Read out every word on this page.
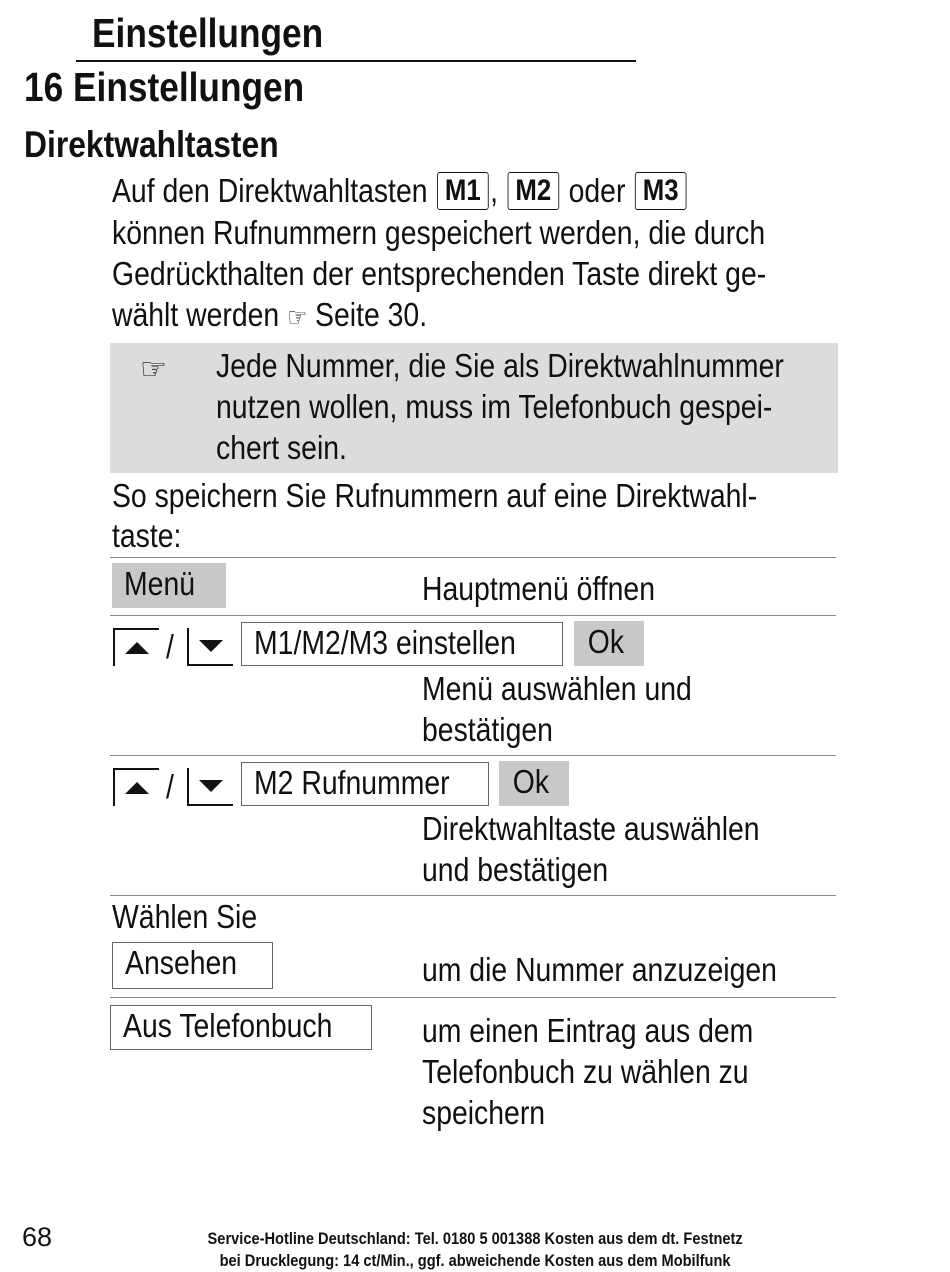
Einstellungen
16 Einstellungen
Direktwahltasten
Auf den Direktwahltasten M1 , M2 oder M3
können Rufnummern gespeichert werden, die durch
Gedrückthalten der entsprechenden Taste direkt ge-
wählt werden ☞ Seite 30.
☞ Jede Nummer, die Sie als Direktwahlnummer
nutzen wollen, muss im Telefonbuch gespei-
chert sein.
So speichern Sie Rufnummern auf eine Direktwahl-
taste:
Menü	Hauptmenü öffnen
/	M1/M2/M3 einstellen	Ok
Menü auswählen und
bestätigen
/	M2 Rufnummer	Ok
Direktwahltaste auswählen
und bestätigen
Wählen Sie
Ansehen	um die Nummer anzuzeigen
Aus Telefonbuch	um einen Eintrag aus dem
Telefonbuch zu wählen zu
speichern
68	Service-Hotline Deutschland: Tel. 0180 5 001388 Kosten aus dem dt. Festnetz
bei Drucklegung: 14 ct/Min., ggf. abweichende Kosten aus dem Mobilfunk
